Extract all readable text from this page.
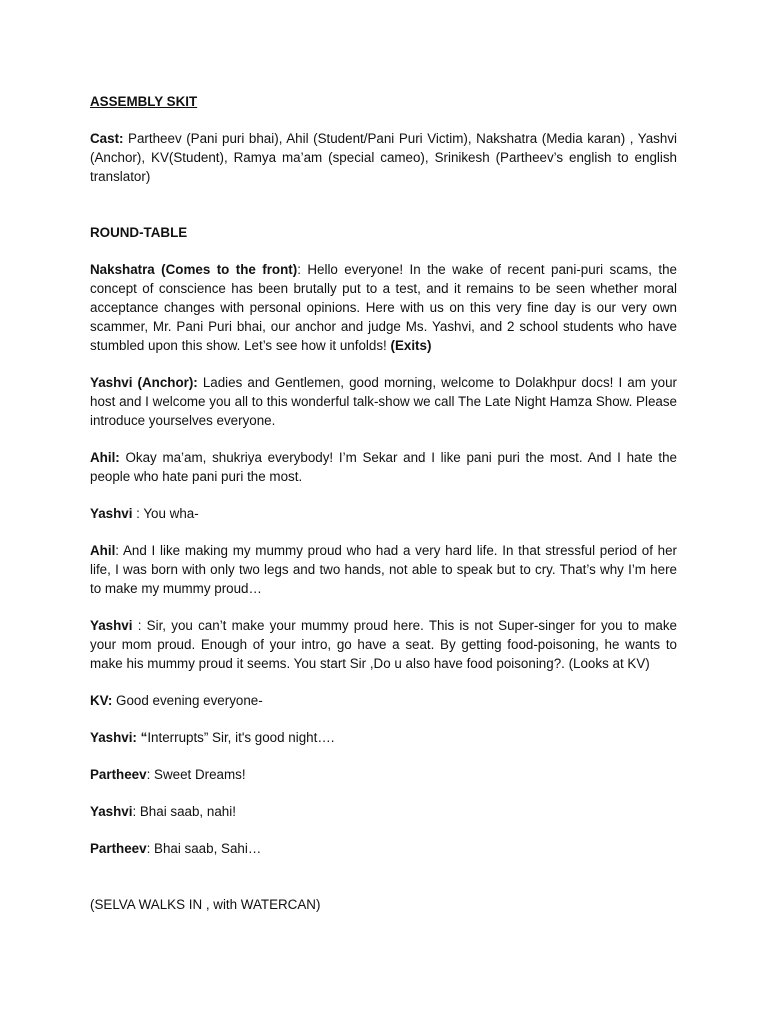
ASSEMBLY SKIT

Cast: Partheev (Pani puri bhai), Ahil (Student/Pani Puri Victim), Nakshatra (Media karan) , Yashvi (Anchor), KV(Student), Ramya ma’am (special cameo), Srinikesh (Partheev’s english to english translator)

ROUND-TABLE

Nakshatra (Comes to the front): Hello everyone! In the wake of recent pani-puri scams, the concept of conscience has been brutally put to a test, and it remains to be seen whether moral acceptance changes with personal opinions. Here with us on this very fine day is our very own scammer, Mr. Pani Puri bhai, our anchor and judge Ms. Yashvi, and 2 school students who have stumbled upon this show. Let’s see how it unfolds! (Exits)

Yashvi (Anchor): Ladies and Gentlemen, good morning, welcome to Dolakhpur docs! I am your host and I welcome you all to this wonderful talk-show we call The Late Night Hamza Show. Please introduce yourselves everyone.

Ahil: Okay ma’am, shukriya everybody! I’m Sekar and I like pani puri the most. And I hate the people who hate pani puri the most.

Yashvi : You wha-

Ahil: And I like making my mummy proud who had a very hard life. In that stressful period of her life, I was born with only two legs and two hands, not able to speak but to cry. That’s why I’m here to make my mummy proud…

Yashvi : Sir, you can’t make your mummy proud here. This is not Super-singer for you to make your mom proud. Enough of your intro, go have a seat. By getting food-poisoning, he wants to make his mummy proud it seems. You start Sir ,Do u also have food poisoning?. (Looks at KV)

KV: Good evening everyone-

Yashvi: “Interrupts” Sir, it's good night….

Partheev: Sweet Dreams!

Yashvi: Bhai saab, nahi!

Partheev: Bhai saab, Sahi…

(SELVA WALKS IN , with WATERCAN)
